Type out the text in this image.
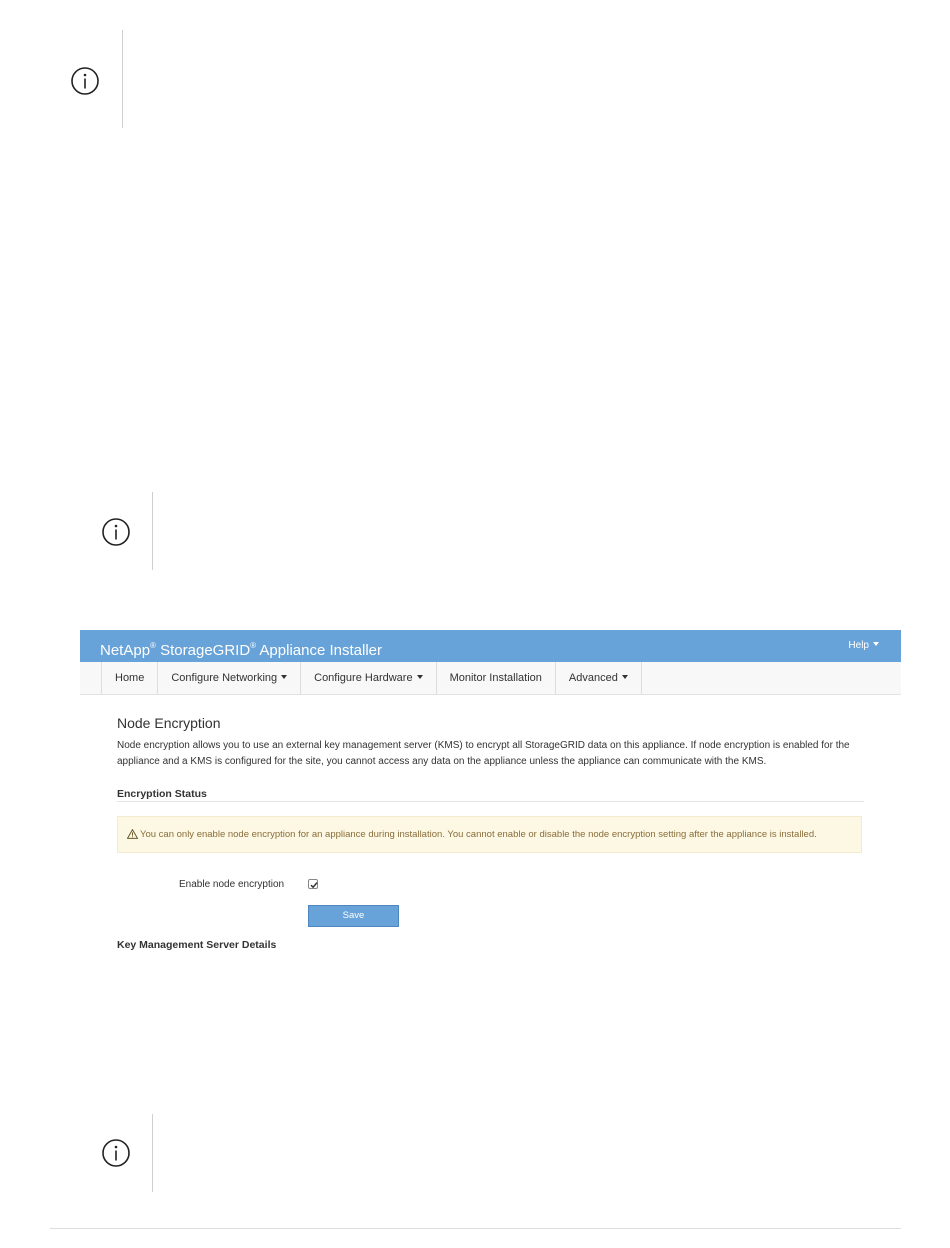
NetApp® StorageGRID® Appliance Installer	Help
Home	Configure Networking	Configure Hardware	Monitor Installation	Advanced
Node Encryption
Node encryption allows you to use an external key management server (KMS) to encrypt all StorageGRID data on this appliance. If node encryption is enabled for the appliance and a KMS is configured for the site, you cannot access any data on the appliance unless the appliance can communicate with the KMS.
Encryption Status
You can only enable node encryption for an appliance during installation. You cannot enable or disable the node encryption setting after the appliance is installed.
Enable node encryption
Save
Key Management Server Details
